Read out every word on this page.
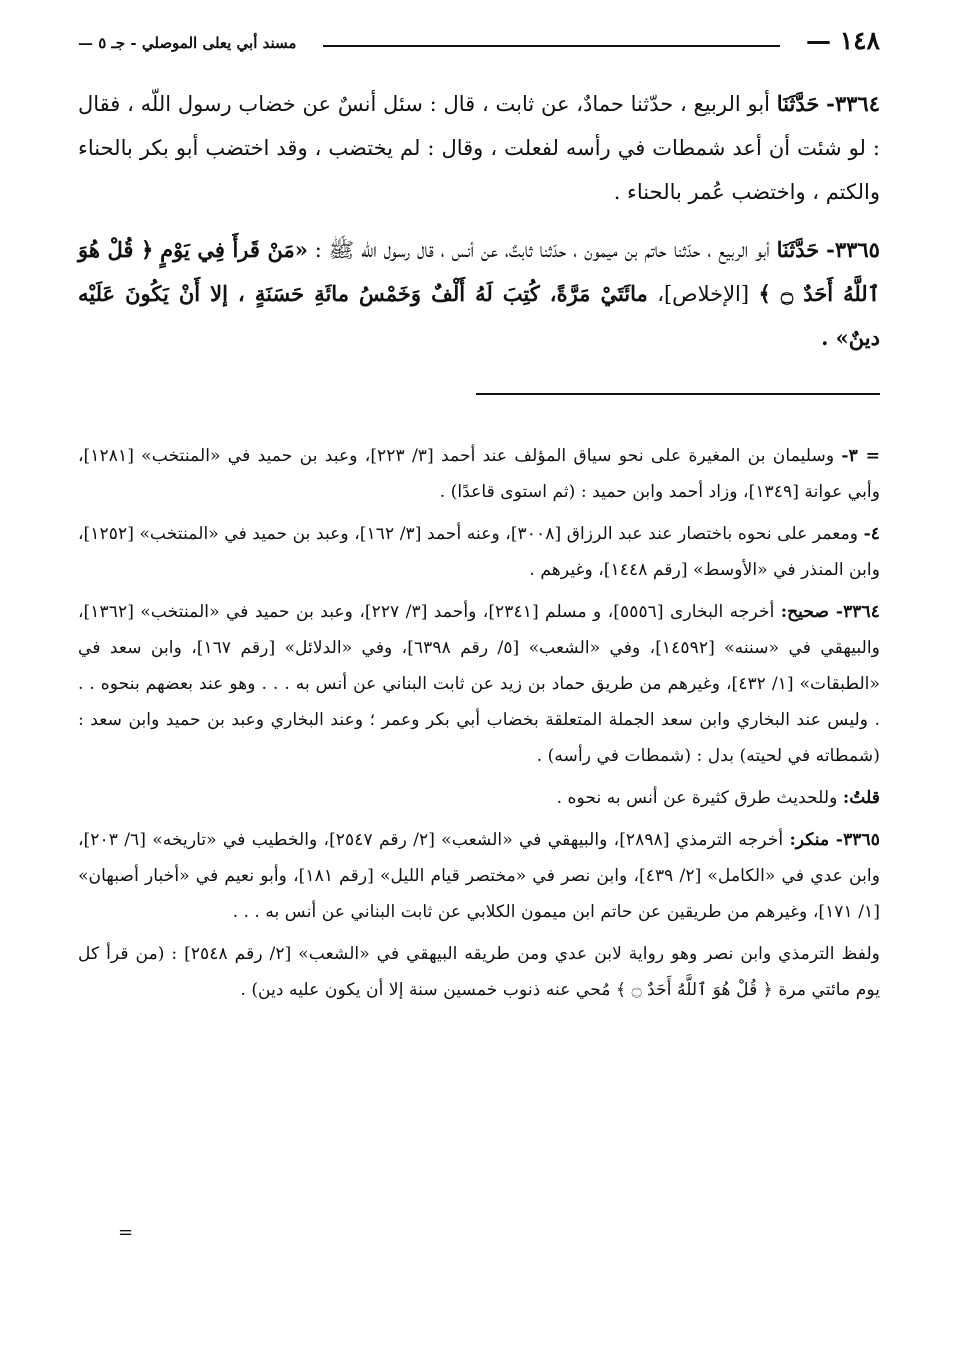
١٤٨ —
مسند أبي يعلى الموصلي - جـ ٥ —

٣٣٦٤- حَدَّثَنَا أبو الربيع ، حدّثنا حمادٌ، عن ثابت ، قال : سئل أنسٌ عن خضاب رسول اللّه ، فقال : لو شئت أن أعد شمطات في رأسه لفعلت ، وقال : لم يختضب ، وقد اختضب أبو بكر بالحناء والكتم ، واختضب عُمر بالحناء .

٣٣٦٥- حَدَّثَنَا أبو الربيع ، حدّثنا حاتم بن ميمون ، حدّثنا ثابتٌ، عن أنس ، قال رسول اللّه ﷺ : «مَنْ قَرأَ فِي يَوْمٍ ﴿ قُلْ هُوَ ٱللَّهُ أَحَدٌ ۝ ﴾ [الإخلاص]، مائَتَيْ مَرَّةً، كُتِبَ لَهُ أَلْفٌ وَخَمْسُ مائَةِ حَسَنَةٍ ، إلا أَنْ يَكُونَ عَلَيْه دينٌ» .

= ٣- وسليمان بن المغيرة على نحو سياق المؤلف عند أحمد [٣/ ٢٢٣]، وعبد بن حميد في «المنتخب» [١٢٨١]، وأبي عوانة [١٣٤٩]، وزاد أحمد وابن حميد : (ثم استوى قاعدًا) .

٤- ومعمر على نحوه باختصار عند عبد الرزاق [٣٠٠٨]، وعنه أحمد [٣/ ١٦٢]، وعبد بن حميد في «المنتخب» [١٢٥٢]، وابن المنذر في «الأوسط» [رقم ١٤٤٨]، وغيرهم .

٣٣٦٤- صحيح: أخرجه البخارى [٥٥٥٦]، و مسلم [٢٣٤١]، وأحمد [٣/ ٢٢٧]، وعبد بن حميد في «المنتخب» [١٣٦٢]، والبيهقي في «سننه» [١٤٥٩٢]، وفي «الشعب» [٥/ رقم ٦٣٩٨]، وفي «الدلائل» [رقم ١٦٧]، وابن سعد في «الطبقات» [١/ ٤٣٢]، وغيرهم من طريق حماد بن زيد عن ثابت البناني عن أنس به . . . وهو عند بعضهم بنحوه . . . وليس عند البخاري وابن سعد الجملة المتعلقة بخضاب أبي بكر وعمر ؛ وعند البخاري وعبد بن حميد وابن سعد : (شمطاته في لحيته) بدل : (شمطات في رأسه) .

قلتُ: وللحديث طرق كثيرة عن أنس به نحوه .

٣٣٦٥- منكر: أخرجه الترمذي [٢٨٩٨]، والبيهقي في «الشعب» [٢/ رقم ٢٥٤٧]، والخطيب في «تاريخه» [٦/ ٢٠٣]، وابن عدي في «الكامل» [٢/ ٤٣٩]، وابن نصر في «مختصر قيام الليل» [رقم ١٨١]، وأبو نعيم في «أخبار أصبهان» [١/ ١٧١]، وغيرهم من طريقين عن حاتم ابن ميمون الكلابي عن ثابت البناني عن أنس به . . .

ولفظ الترمذي وابن نصر وهو رواية لابن عدي ومن طريقه البيهقي في «الشعب» [٢/ رقم ٢٥٤٨] : (من قرأ كل يوم مائتي مرة ﴿ قُلْ هُوَ ٱللَّهُ أَحَدٌ ۝ ﴾ مُحي عنه ذنوب خمسين سنة إلا أن يكون عليه دين) .

=
